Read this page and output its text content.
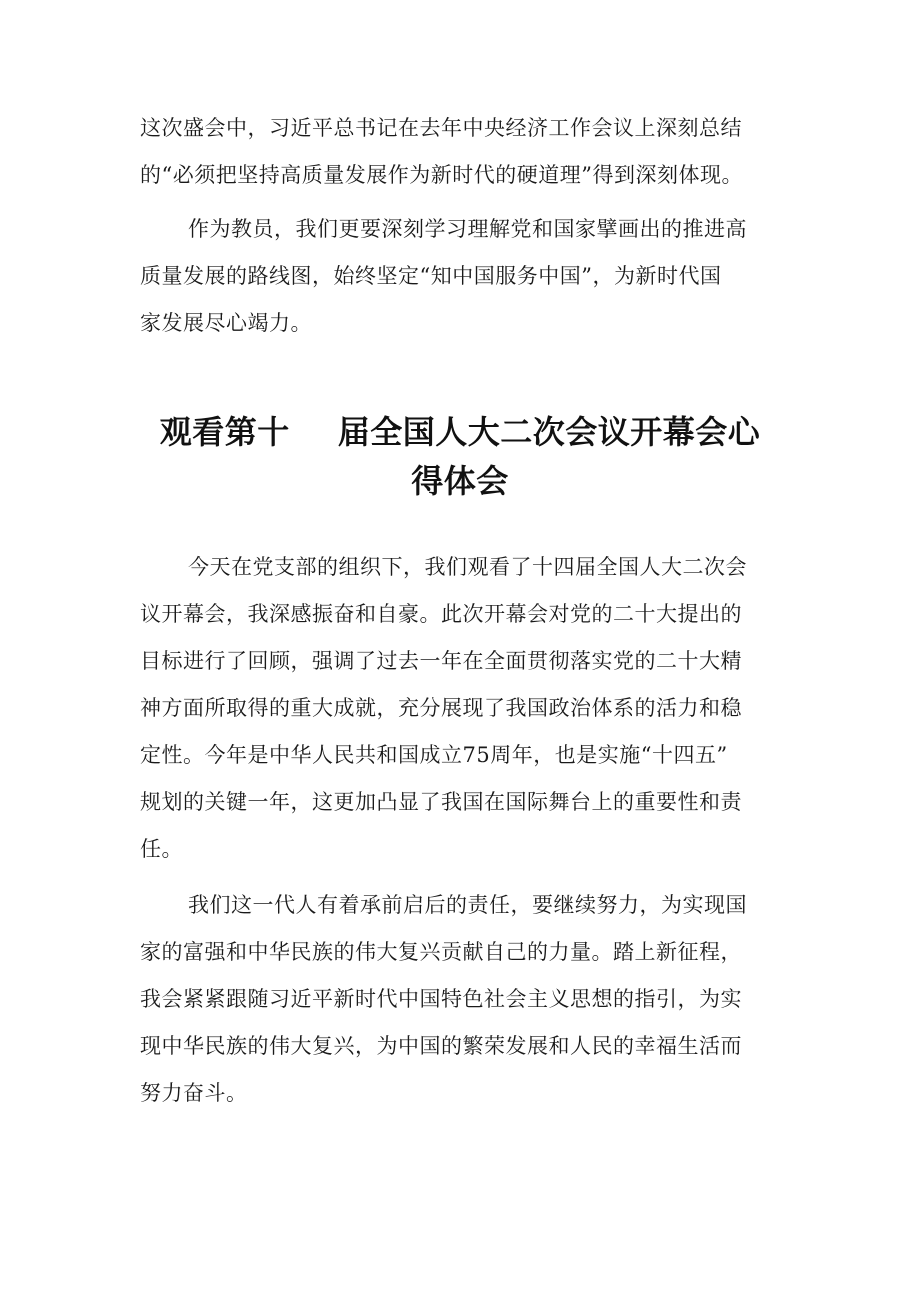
这次盛会中，习近平总书记在去年中央经济工作会议上深刻总结
的“必须把坚持高质量发展作为新时代的硬道理”得到深刻体现。
作为教员，我们更要深刻学习理解党和国家擘画出的推进高
质量发展的路线图，始终坚定“知中国服务中国”，为新时代国
家发展尽心竭力。
观看第十 届全国人大二次会议开幕会心
得体会
今天在党支部的组织下，我们观看了十四届全国人大二次会
议开幕会，我深感振奋和自豪。此次开幕会对党的二十大提出的
目标进行了回顾，强调了过去一年在全面贯彻落实党的二十大精
神方面所取得的重大成就，充分展现了我国政治体系的活力和稳
定性。今年是中华人民共和国成立75周年，也是实施“十四五”
规划的关键一年，这更加凸显了我国在国际舞台上的重要性和责
任。
我们这一代人有着承前启后的责任，要继续努力，为实现国
家的富强和中华民族的伟大复兴贡献自己的力量。踏上新征程，
我会紧紧跟随习近平新时代中国特色社会主义思想的指引，为实
现中华民族的伟大复兴，为中国的繁荣发展和人民的幸福生活而
努力奋斗。
